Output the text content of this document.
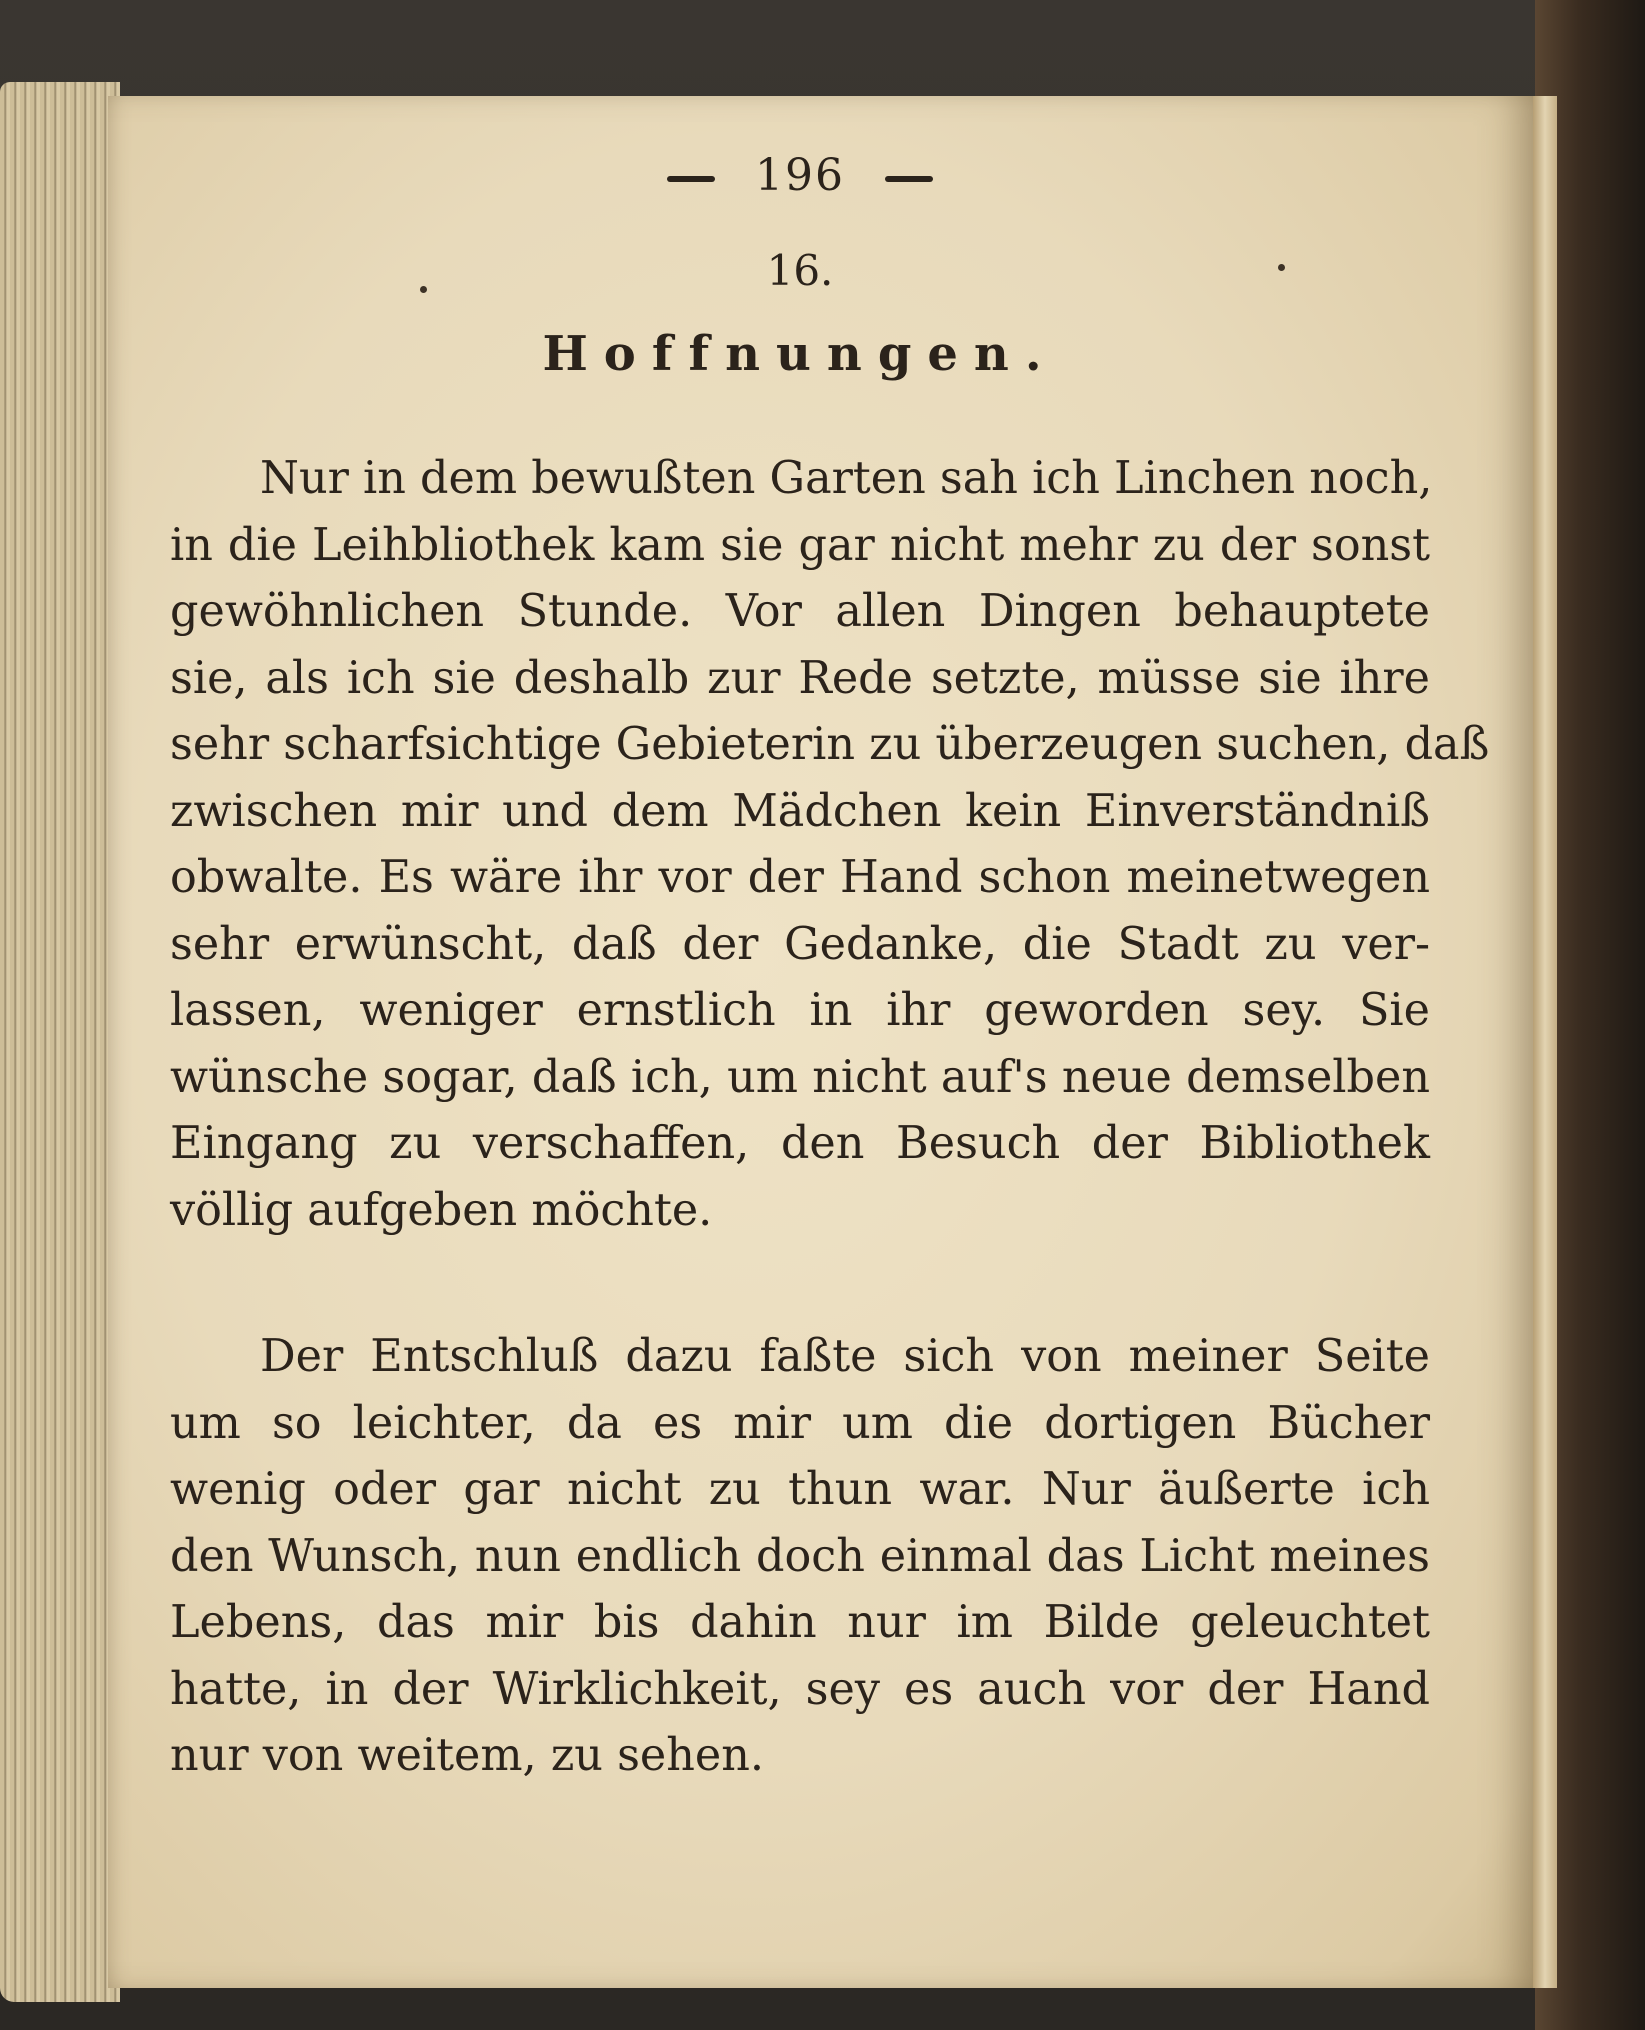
196
16.
Hoffnungen.

Nur in dem bewußten Garten sah ich Linchen noch,
in die Leihbliothek kam sie gar nicht mehr zu der sonst
gewöhnlichen Stunde. Vor allen Dingen behauptete
sie, als ich sie deshalb zur Rede setzte, müsse sie ihre
sehr scharfsichtige Gebieterin zu überzeugen suchen, daß
zwischen mir und dem Mädchen kein Einverständniß
obwalte. Es wäre ihr vor der Hand schon meinetwegen
sehr erwünscht, daß der Gedanke, die Stadt zu ver-
lassen, weniger ernstlich in ihr geworden sey. Sie
wünsche sogar, daß ich, um nicht auf's neue demselben
Eingang zu verschaffen, den Besuch der Bibliothek
völlig aufgeben möchte.

Der Entschluß dazu faßte sich von meiner Seite
um so leichter, da es mir um die dortigen Bücher
wenig oder gar nicht zu thun war. Nur äußerte ich
den Wunsch, nun endlich doch einmal das Licht meines
Lebens, das mir bis dahin nur im Bilde geleuchtet
hatte, in der Wirklichkeit, sey es auch vor der Hand
nur von weitem, zu sehen.
